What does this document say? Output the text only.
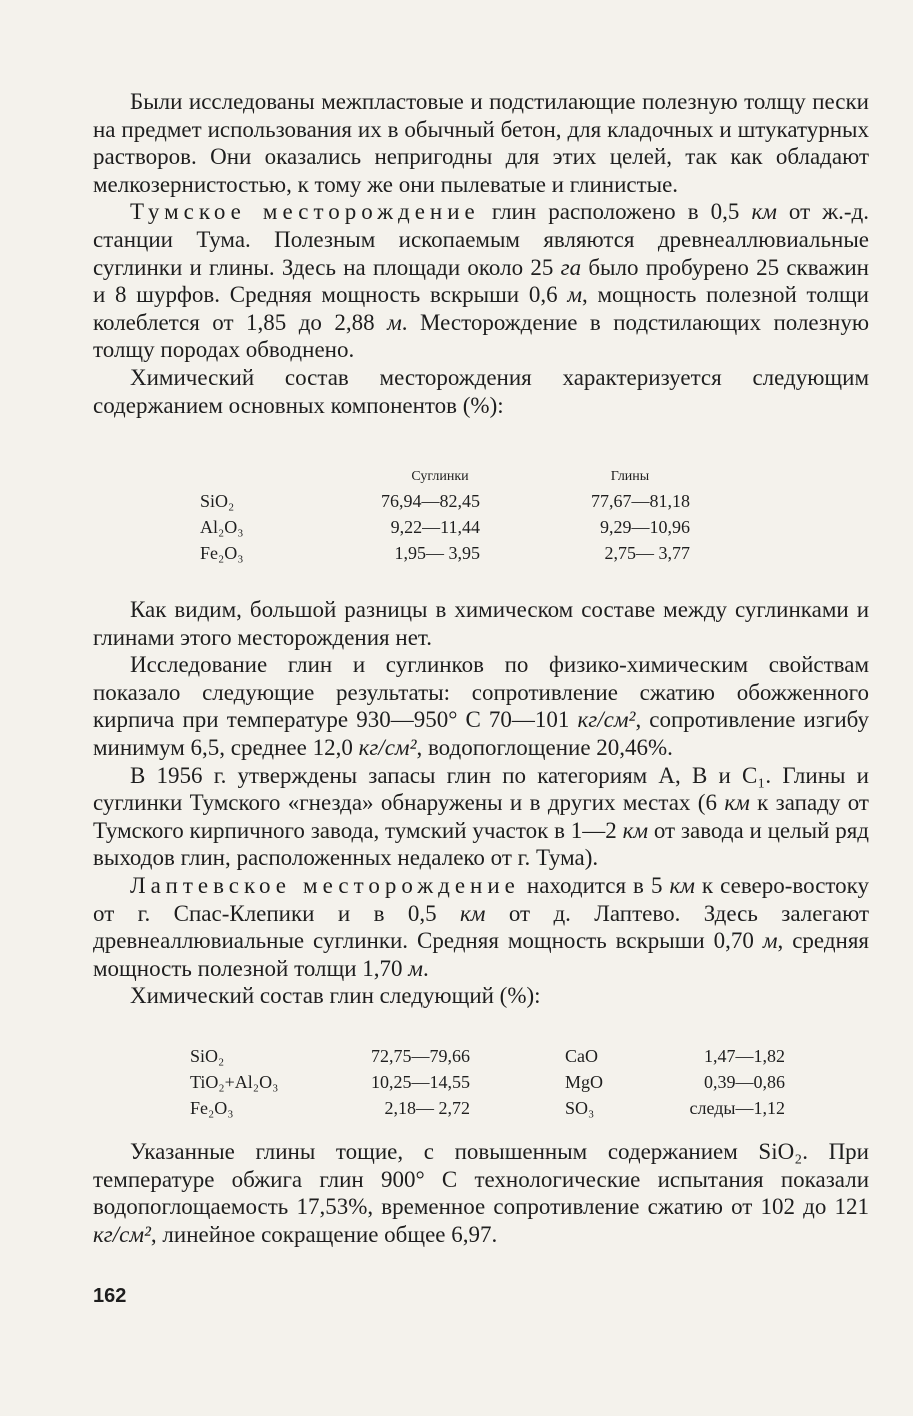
Были исследованы межпластовые и подстилающие полезную толщу пески на предмет использования их в обычный бетон, для кладочных и штукатурных растворов. Они оказались непригодны для этих целей, так как обладают мелкозернистостью, к тому же они пылеватые и глинистые.

Тумское месторождение глин расположено в 0,5 км от ж.-д. станции Тума. Полезным ископаемым являются древнеаллювиальные суглинки и глины. Здесь на площади около 25 га было пробурено 25 скважин и 8 шурфов. Средняя мощность вскрыши 0,6 м, мощность полезной толщи колеблется от 1,85 до 2,88 м. Месторождение в подстилающих полезную толщу породах обводнено.

Химический состав месторождения характеризуется следующим содержанием основных компонентов (%):

	Суглинки	Глины
SiO₂	76,94—82,45	77,67—81,18
Al₂O₃	9,22—11,44	9,29—10,96
Fe₂O₃	1,95— 3,95	2,75— 3,77

Как видим, большой разницы в химическом составе между суглинками и глинами этого месторождения нет.

Исследование глин и суглинков по физико-химическим свойствам показало следующие результаты: сопротивление сжатию обожженного кирпича при температуре 930—950° С 70—101 кг/см², сопротивление изгибу минимум 6,5, среднее 12,0 кг/см², водопоглощение 20,46%.

В 1956 г. утверждены запасы глин по категориям А, В и С₁. Глины и суглинки Тумского «гнезда» обнаружены и в других местах (6 км к западу от Тумского кирпичного завода, тумский участок в 1—2 км от завода и целый ряд выходов глин, расположенных недалеко от г. Тума).

Лаптевское месторождение находится в 5 км к северо-востоку от г. Спас-Клепики и в 0,5 км от д. Лаптево. Здесь залегают древнеаллювиальные суглинки. Средняя мощность вскрыши 0,70 м, средняя мощность полезной толщи 1,70 м.

Химический состав глин следующий (%):

SiO₂	72,75—79,66	CaO	1,47—1,82
TiO₂+Al₂O₃	10,25—14,55	MgO	0,39—0,86
Fe₂O₃	2,18— 2,72	SO₃	следы—1,12

Указанные глины тощие, с повышенным содержанием SiO₂. При температуре обжига глин 900° С технологические испытания показали водопоглощаемость 17,53%, временное сопротивление сжатию от 102 до 121 кг/см², линейное сокращение общее 6,97.

162
